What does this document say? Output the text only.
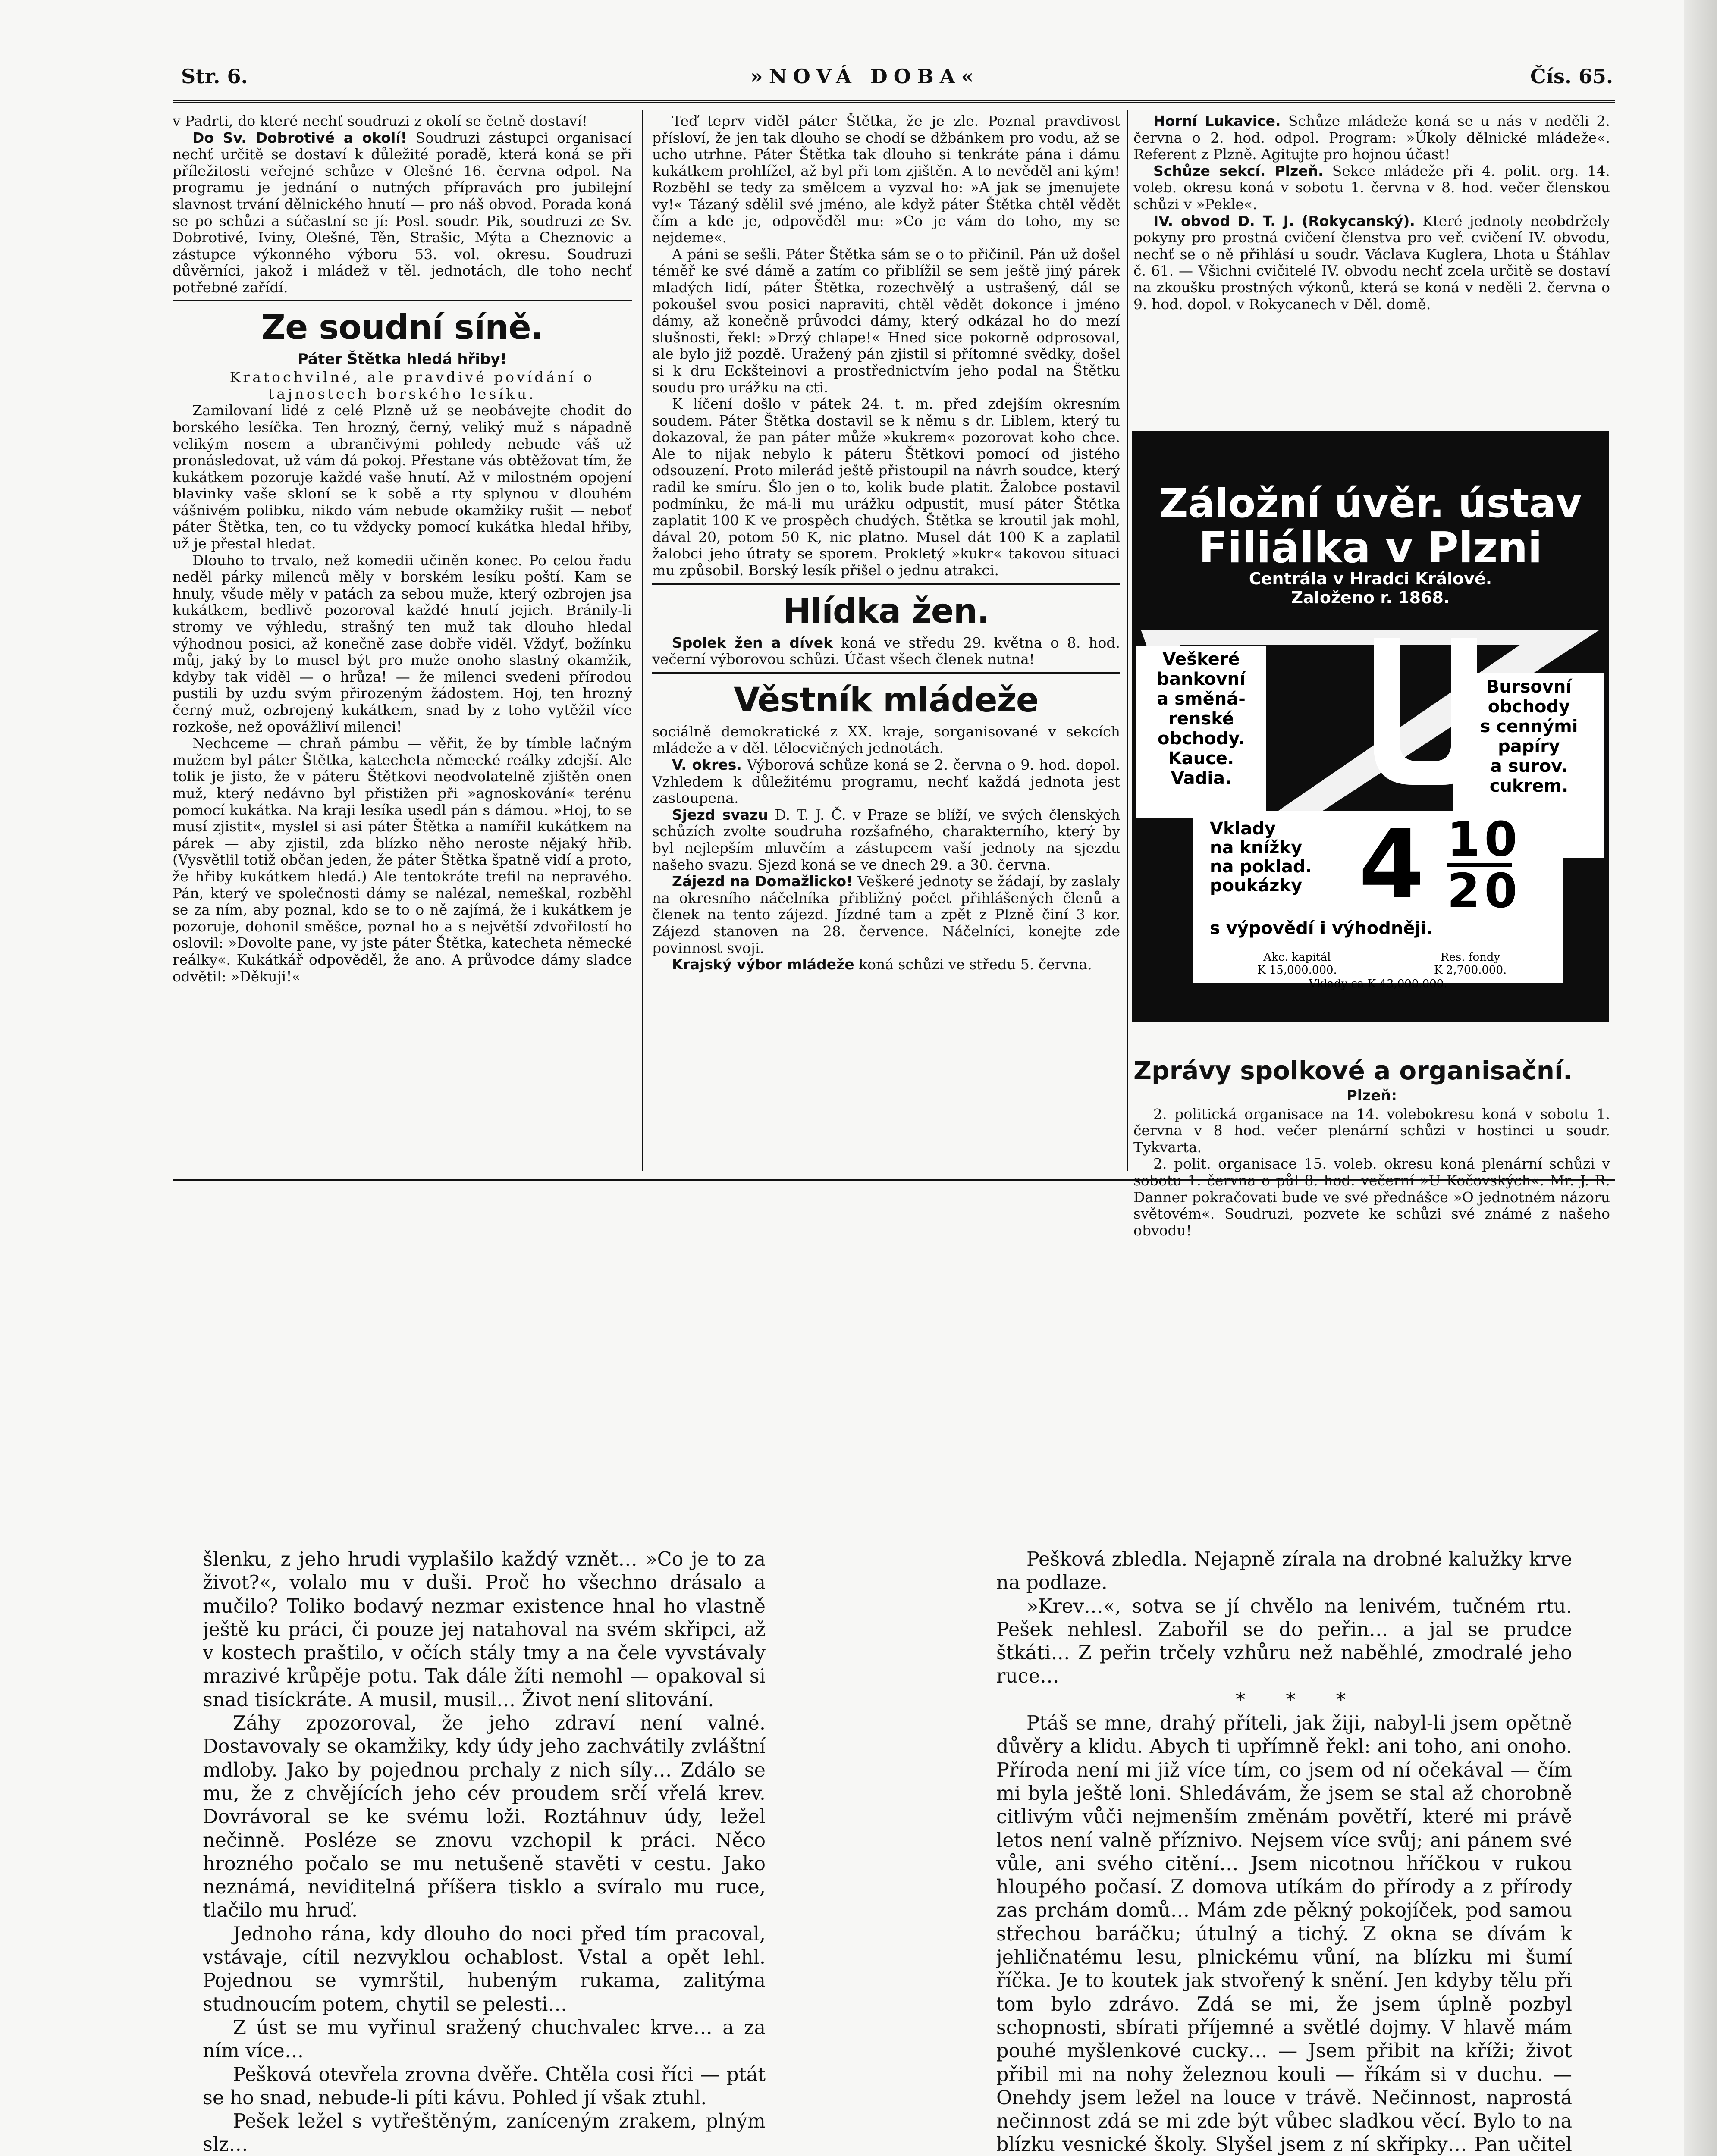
Str. 6.	»NOVÁ DOBA«	Čís. 65.

v Padrti, do které nechť soudruzi z okolí se četně dostaví!

Do Sv. Dobrotivé a okolí! Soudruzi zástupci organisací nechť určitě se dostaví k důležité poradě, která koná se při příležitosti veřejné schůze v Olešné 16. června odpol. Na programu je jednání o nutných přípravách pro jubilejní slavnost trvání dělnického hnutí — pro náš obvod. Porada koná se po schůzi a súčastní se jí: Posl. soudr. Pik, soudruzi ze Sv. Dobrotivé, Iviny, Olešné, Těn, Strašic, Mýta a Cheznovic a zástupce výkonného výboru 53. vol. okresu. Soudruzi důvěrníci, jakož i mládež v těl. jednotách, dle toho nechť potřebné zařídí.

Ze soudní síně.
Páter Štětka hledá hřiby!

Kratochvilné, ale pravdivé povídání o tajnostech borského lesíku.

Zamilovaní lidé z celé Plzně už se neobávejte chodit do borského lesíčka. Ten hrozný, černý, veliký muž s nápadně velikým nosem a ubrančivými pohledy nebude váš už pronásledovat, už vám dá pokoj. Přestane vás obtěžovat tím, že kukátkem pozoruje každé vaše hnutí. Až v milostném opojení blavinky vaše skloní se k sobě a rty splynou v dlouhém vášnivém polibku, nikdo vám nebude okamžiky rušit — neboť páter Štětka, ten, co tu vždycky pomocí kukátka hledal hřiby, už je přestal hledat.

Dlouho to trvalo, než komedii učiněn konec. Po celou řadu neděl párky milenců měly v borském lesíku poští. Kam se hnuly, všude měly v patách za sebou muže, který ozbrojen jsa kukátkem, bedlivě pozoroval každé hnutí jejich. Bránily-li stromy ve výhledu, strašný ten muž tak dlouho hledal výhodnou posici, až konečně zase dobře viděl. Vždyť, božínku můj, jaký by to musel být pro muže onoho slastný okamžik, kdyby tak viděl — o hrůza! — že milenci svedeni přírodou pustili by uzdu svým přirozeným žádostem. Hoj, ten hrozný černý muž, ozbrojený kukátkem, snad by z toho vytěžil více rozkoše, než opovážliví milenci!

Nechceme — chraň pámbu — věřit, že by tímble lačným mužem byl páter Štětka, katecheta německé reálky zdejší. Ale tolik je jisto, že v páteru Štětkovi neodvolatelně zjištěn onen muž, který nedávno byl přistižen při »agnoskování« terénu pomocí kukátka. Na kraji lesíka usedl pán s dámou. »Hoj, to se musí zjistit«, myslel si asi páter Štětka a namířil kukátkem na párek — aby zjistil, zda blízko něho neroste nějaký hřib. (Vysvětlil totiž občan jeden, že páter Štětka špatně vidí a proto, že hřiby kukátkem hledá.) Ale tentokráte trefil na nepravého. Pán, který ve společnosti dámy se nalézal, nemeškal, rozběhl se za ním, aby poznal, kdo se to o ně zajímá, že i kukátkem je pozoruje, dohonil směšce, poznal ho a s největší zdvořilostí ho oslovil: »Dovolte pane, vy jste páter Štětka, katecheta německé reálky«. Kukátkář odpověděl, že ano. A průvodce dámy sladce odvětil: »Děkuji!«

Teď teprv viděl páter Štětka, že je zle. Poznal pravdivost přísloví, že jen tak dlouho se chodí se džbánkem pro vodu, až se ucho utrhne. Páter Štětka tak dlouho si tenkráte pána i dámu kukátkem prohlížel, až byl při tom zjištěn. A to nevěděl ani kým! Rozběhl se tedy za smělcem a vyzval ho: »A jak se jmenujete vy!« Tázaný sdělil své jméno, ale když páter Štětka chtěl vědět čím a kde je, odpověděl mu: »Co je vám do toho, my se nejdeme«.

A páni se sešli. Páter Štětka sám se o to přičinil. Pán už došel téměř ke své dámě a zatím co přiblížil se sem ještě jiný párek mladých lidí, páter Štětka, rozechvělý a ustrašený, dál se pokoušel svou posici napraviti, chtěl vědět dokonce i jméno dámy, až konečně průvodci dámy, který odkázal ho do mezí slušnosti, řekl: »Drzý chlape!« Hned sice pokorně odprosoval, ale bylo již pozdě. Uražený pán zjistil si přítomné svědky, došel si k dru Eckšteinovi a prostřednictvím jeho podal na Štětku soudu pro urážku na cti.

K líčení došlo v pátek 24. t. m. před zdejším okresním soudem. Páter Štětka dostavil se k němu s dr. Liblem, který tu dokazoval, že pan páter může »kukrem« pozorovat koho chce. Ale to nijak nebylo k páteru Štětkovi pomocí od jistého odsouzení. Proto milerád ještě přistoupil na návrh soudce, který radil ke smíru. Šlo jen o to, kolik bude platit. Žalobce postavil podmínku, že má-li mu urážku odpustit, musí páter Štětka zaplatit 100 K ve prospěch chudých. Štětka se kroutil jak mohl, dával 20, potom 50 K, nic platno. Musel dát 100 K a zaplatil žalobci jeho útraty se sporem. Prokletý »kukr« takovou situaci mu způsobil. Borský lesík přišel o jednu atrakci.

Hlídka žen.

Spolek žen a dívek koná ve středu 29. května o 8. hod. večerní výborovou schůzi. Účast všech členek nutna!

Věstník mládeže

sociálně demokratické z XX. kraje, sorganisované v sekcích mládeže a v děl. tělocvičných jednotách.

V. okres. Výborová schůze koná se 2. června o 9. hod. dopol. Vzhledem k důležitému programu, nechť každá jednota jest zastoupena.

Sjezd svazu D. T. J. Č. v Praze se blíží, ve svých členských schůzích zvolte soudruha rozšafného, charakterního, který by byl nejlepším mluvčím a zástupcem vaší jednoty na sjezdu našeho svazu. Sjezd koná se ve dnech 29. a 30. června.

Zájezd na Domažlicko! Veškeré jednoty se žádají, by zaslaly na okresního náčelníka přibližný počet přihlášených členů a členek na tento zájezd. Jízdné tam a zpět z Plzně činí 3 kor. Zájezd stanoven na 28. července. Náčelníci, konejte zde povinnost svoji.

Krajský výbor mládeže koná schůzi ve středu 5. června.

Horní Lukavice. Schůze mládeže koná se u nás v neděli 2. června o 2. hod. odpol. Program: »Úkoly dělnické mládeže«. Referent z Plzně. Agitujte pro hojnou účast!

Schůze sekcí. Plzeň. Sekce mládeže při 4. polit. org. 14. voleb. okresu koná v sobotu 1. června v 8. hod. večer členskou schůzi v »Pekle«.

IV. obvod D. T. J. (Rokycanský). Které jednoty neobdržely pokyny pro prostná cvičení členstva pro veř. cvičení IV. obvodu, nechť se o ně přihlásí u soudr. Václava Kuglera, Lhota u Štáhlav č. 61. — Všichni cvičitelé IV. obvodu nechť zcela určitě se dostaví na zkoušku prostných výkonů, která se koná v neděli 2. června o 9. hod. dopol. v Rokycanech v Děl. domě.

Záložní úvěr. ústav
Filiálka v Plzni
Centrála v Hradci Králové.
Založeno r. 1868.
Veškeré
bankovní
a směná-
renské
obchody.
Kauce.
Vadia.
Bursovní
obchody
s cennými
papíry
a surov.
cukrem.
Vklady
na knížky
na poklad.
poukázky $4 \frac{10}{20}$
s výpovědí i výhodněji.
Akc. kapitál
K 15,000.000.
Res. fondy
K 2,700.000.
Vklady ca K 43,000.000.
Zprávy spolkové a organisační.
Plzeň:

2. politická organisace na 14. volebokresu koná v sobotu 1. června v 8 hod. večer plenární schůzi v hostinci u soudr. Tykvarta.

2. polit. organisace 15. voleb. okresu koná plenární schůzi v sobotu 1. června o půl 8. hod. večerní »U Kočovských«. Mr. J. R. Danner pokračovati bude ve své přednášce »O jednotném názoru světovém«. Soudruzi, pozvete ke schůzi své známé z našeho obvodu!

šlenku, z jeho hrudi vyplašilo každý vznět… »Co je to za život?«, volalo mu v duši. Proč ho všechno drásalo a mučilo? Toliko bodavý nezmar existence hnal ho vlastně ještě ku práci, či pouze jej natahoval na svém skřipci, až v kostech praštilo, v očích stály tmy a na čele vyvstávaly mrazivé krůpěje potu. Tak dále žíti nemohl — opakoval si snad tisíckráte. A musil, musil… Život není slitování.

Záhy zpozoroval, že jeho zdraví není valné. Dostavovaly se okamžiky, kdy údy jeho zachvátily zvláštní mdloby. Jako by pojednou prchaly z nich síly… Zdálo se mu, že z chvějících jeho cév proudem srčí vřelá krev. Dovrávoral se ke svému loži. Roztáhnuv údy, ležel nečinně. Posléze se znovu vzchopil k práci. Něco hrozného počalo se mu netušeně stavěti v cestu. Jako neznámá, neviditelná příšera tisklo a svíralo mu ruce, tlačilo mu hruď.

Jednoho rána, kdy dlouho do noci před tím pracoval, vstávaje, cítil nezvyklou ochablost. Vstal a opět lehl. Pojednou se vymrštil, hubeným rukama, zalitýma studnoucím potem, chytil se pelesti…

Z úst se mu vyřinul sražený chuchvalec krve… a za ním více…

Pešková otevřela zrovna dvěře. Chtěla cosi říci — ptát se ho snad, nebude-li píti kávu. Pohled jí však ztuhl.

Pešek ležel s vytřeštěným, zaníceným zrakem, plným slz…

Pešková zbledla. Nejapně zírala na drobné kalužky krve na podlaze.

»Krev…«, sotva se jí chvělo na lenivém, tučném rtu. Pešek nehlesl. Zabořil se do peřin… a jal se prudce štkáti… Z peřin trčely vzhůru než naběhlé, zmodralé jeho ruce…

* * *

Ptáš se mne, drahý příteli, jak žiji, nabyl-li jsem opětně důvěry a klidu. Abych ti upřímně řekl: ani toho, ani onoho. Příroda není mi již více tím, co jsem od ní očekával — čím mi byla ještě loni. Shledávám, že jsem se stal až chorobně citlivým vůči nejmenším změnám povětří, které mi právě letos není valně příznivo. Nejsem více svůj; ani pánem své vůle, ani svého citění… Jsem nicotnou hříčkou v rukou hloupého počasí. Z domova utíkám do přírody a z přírody zas prchám domů… Mám zde pěkný pokojíček, pod samou střechou baráčku; útulný a tichý. Z okna se dívám k jehličnatému lesu, plnickému vůní, na blízku mi šumí říčka. Je to koutek jak stvořený k snění. Jen kdyby tělu při tom bylo zdrávo. Zdá se mi, že jsem úplně pozbyl schopnosti, sbírati příjemné a světlé dojmy. V hlavě mám pouhé myšlenkové cucky… — Jsem přibit na kříži; život přibil mi na nohy železnou kouli — říkám si v duchu. — Onehdy jsem ležel na louce v trávě. Nečinnost, naprostá nečinnost zdá se mi zde být vůbec sladkou věcí. Bylo to na blízku vesnické školy. Slyšel jsem z ní skřipky… Pan učitel
